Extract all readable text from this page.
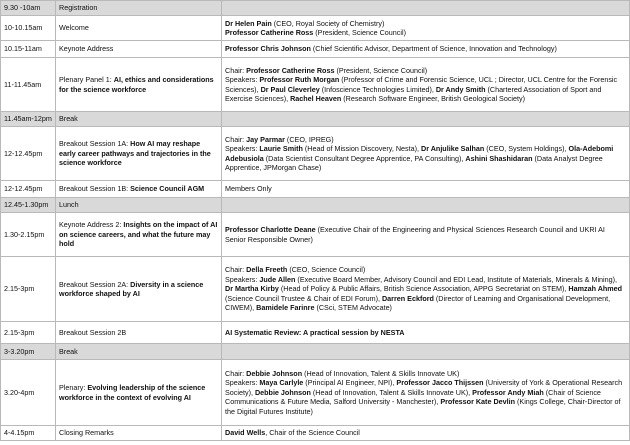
9.30 -10am	Registration	
10-10.15am	Welcome	Dr Helen Pain (CEO, Royal Society of Chemistry)
Professor Catherine Ross (President, Science Council)

10.15-11am	Keynote Address	Professor Chris Johnson (Chief Scientific Advisor, Department of Science, Innovation and Technology)

11-11.45am	Plenary Panel 1: AI, ethics and considerations for the science workforce	Chair: Professor Catherine Ross (President, Science Council)
Speakers: Professor Ruth Morgan (Professor of Crime and Forensic Science, UCL ; Director, UCL Centre for the Forensic Sciences), Dr Paul Cleverley (Infoscience Technologies Limited), Dr Andy Smith (Chartered Association of Sport and Exercise Sciences), Rachel Heaven (Research Software Engineer, British Geological Society)

11.45am-12pm	Break	
12-12.45pm	Breakout Session 1A: How AI may reshape early career pathways and trajectories in the science workforce	Chair: Jay Parmar (CEO, IPREG)
Speakers: Laurie Smith (Head of Mission Discovery, Nesta), Dr Anjulike Salhan (CEO, System Holdings), Ola-Adebomi Adebusiola (Data Scientist Consultant Degree Apprentice, PA Consulting), Ashini Shashidaran (Data Analyst Degree Apprentice, JPMorgan Chase)

12-12.45pm	Breakout Session 1B: Science Council AGM	Members Only

12.45-1.30pm	Lunch	
1.30-2.15pm	Keynote Address 2: Insights on the impact of AI on science careers, and what the future may hold	Professor Charlotte Deane (Executive Chair of the Engineering and Physical Sciences Research Council and UKRI AI Senior Responsible Owner)

2.15-3pm	Breakout Session 2A: Diversity in a science workforce shaped by AI	Chair: Della Freeth (CEO, Science Council)
Speakers: Jude Allen (Executive Board Member, Advisory Council and EDI Lead, Institute of Materials, Minerals & Mining), Dr Martha Kirby (Head of Policy & Public Affairs, British Science Association, APPG Secretariat on STEM), Hamzah Ahmed (Science Council Trustee & Chair of EDI Forum), Darren Eckford (Director of Learning and Organisational Development, CIWEM), Bamidele Farinre (CSci, STEM Advocate)

2.15-3pm	Breakout Session 2B	AI Systematic Review: A practical session by NESTA

3-3.20pm	Break	
3.20-4pm	Plenary: Evolving leadership of the science workforce in the context of evolving AI	Chair: Debbie Johnson (Head of Innovation, Talent & Skills Innovate UK)
Speakers: Maya Carlyle (Principal AI Engineer, NPI), Professor Jacco Thijssen (University of York & Operational Research Society), Debbie Johnson (Head of Innovation, Talent & Skills Innovate UK), Professor Andy Miah (Chair of Science Communications & Future Media, Salford University - Manchester), Professor Kate Devlin (Kings College, Chair-Director of the Digital Futures Institute)

4-4.15pm	Closing Remarks	David Wells, Chair of the Science Council
